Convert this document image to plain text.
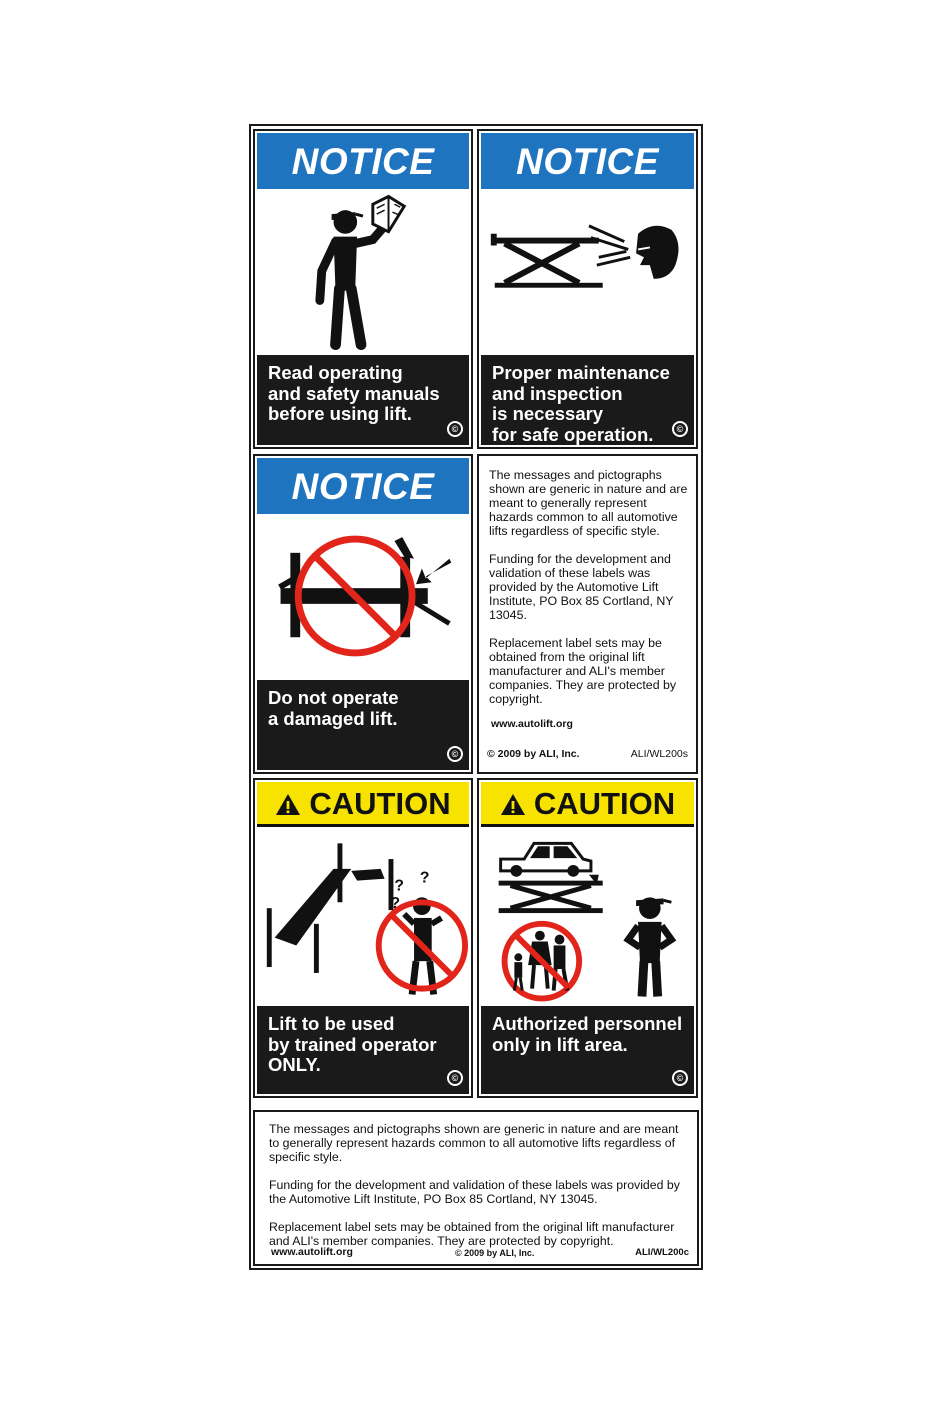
NOTICE
Read operating
and safety manuals
before using lift.
©
NOTICE
Proper maintenance
and inspection
is necessary
for safe operation.	©
NOTICE
Do not operate
a damaged lift.
©

The messages and pictographs shown are generic in nature and are meant to generally represent hazards common to all automotive lifts regardless of specific style.

Funding for the development and validation of these labels was provided by the Automotive Lift Institute, PO Box 85 Cortland, NY 13045.

Replacement label sets may be obtained from the original lift manufacturer and ALI's member companies. They are protected by copyright.

www.autolift.org
© 2009 by ALI, Inc.	ALI/WL200s
CAUTION
? ?
?
Lift to be used
by trained operator
ONLY.
©
CAUTION
Authorized personnel
only in lift area.
©

The messages and pictographs shown are generic in nature and are meant to generally represent hazards common to all automotive lifts regardless of specific style.

Funding for the development and validation of these labels was provided by the Automotive Lift Institute, PO Box 85 Cortland, NY 13045.

Replacement label sets may be obtained from the original lift manufacturer and ALI's member companies. They are protected by copyright.

www.autolift.org	© 2009 by ALI, Inc.	ALI/WL200c
